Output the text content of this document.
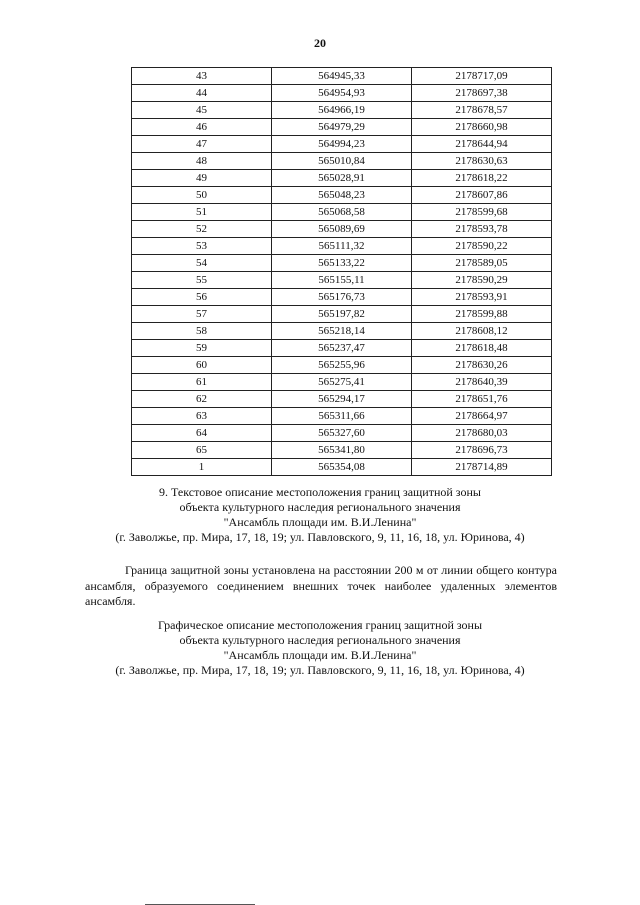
20
43	564945,33	2178717,09
44	564954,93	2178697,38
45	564966,19	2178678,57
46	564979,29	2178660,98
47	564994,23	2178644,94
48	565010,84	2178630,63
49	565028,91	2178618,22
50	565048,23	2178607,86
51	565068,58	2178599,68
52	565089,69	2178593,78
53	565111,32	2178590,22
54	565133,22	2178589,05
55	565155,11	2178590,29
56	565176,73	2178593,91
57	565197,82	2178599,88
58	565218,14	2178608,12
59	565237,47	2178618,48
60	565255,96	2178630,26
61	565275,41	2178640,39
62	565294,17	2178651,76
63	565311,66	2178664,97
64	565327,60	2178680,03
65	565341,80	2178696,73
1	565354,08	2178714,89
9. Текстовое описание местоположения границ защитной зоны
объекта культурного наследия регионального значения
"Ансамбль площади им. В.И.Ленина"
(г. Заволжье, пр. Мира, 17, 18, 19; ул. Павловского, 9, 11, 16, 18, ул. Юринова, 4)
Граница защитной зоны установлена на расстоянии 200 м от линии общего контура ансамбля, образуемого соединением внешних точек наиболее удаленных элементов ансамбля.
Графическое описание местоположения границ защитной зоны
объекта культурного наследия регионального значения
"Ансамбль площади им. В.И.Ленина"
(г. Заволжье, пр. Мира, 17, 18, 19; ул. Павловского, 9, 11, 16, 18, ул. Юринова, 4)
